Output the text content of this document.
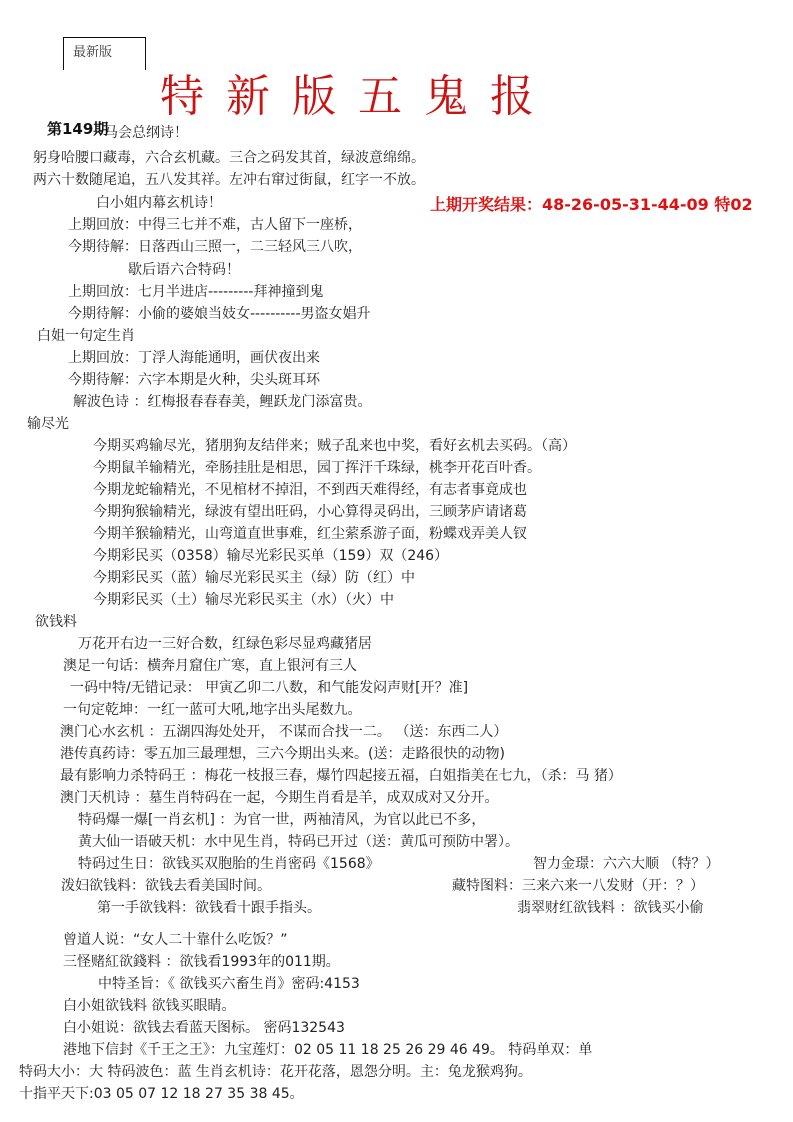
最新版
特新版五鬼报
第149期
上期开奖结果：48-26-05-31-44-09 特02
马会总纲诗！
躬身哈腰口藏毒，六合玄机藏。三合之码发其首，绿波意绵绵。
两六十数随尾追，五八发其祥。左冲右窜过街鼠，红字一不放。
白小姐内幕玄机诗！
上期回放：中得三七并不难，古人留下一座桥，
今期待解：日落西山三照一，二三轻风三八吹，
歇后语六合特码！
上期回放：七月半进店---------拜神撞到鬼
今期待解：小偷的婆娘当妓女----------男盗女娼升
白姐一句定生肖
上期回放：丁浮人海能通明，画伏夜出来
今期待解：六字本期是火种，尖头斑耳环
解波色诗 ：红梅报春春春美，鲤跃龙门添富贵。
输尽光
今期买鸡输尽光，猪朋狗友结伴来；贼子乱来也中奖，看好玄机去买码。（高）
今期鼠羊输精光，牵肠挂肚是相思，园丁挥汗千珠绿，桃李开花百叶香。
今期龙蛇输精光，不见棺材不掉泪，不到西天难得经，有志者事竟成也
今期狗猴输精光，绿波有望出旺码，小心算得灵码出，三顾茅庐请诸葛
今期羊猴输精光，山弯道直世事难，红尘萦系游子面，粉蝶戏弄美人钗
今期彩民买（0358）输尽光彩民买单（159）双（246）
今期彩民买（蓝）输尽光彩民买主（绿）防（红）中
今期彩民买（土）输尽光彩民买主（水）（火）中
欲钱料
万花开右边一三好合数，红绿色彩尽显鸡藏猪居
澳足一句话：横奔月窟住广寒，直上银河有三人
一码中特/无错记录： 甲寅乙卯二八数，和气能发闷声财[开？准]
一句定乾坤：一红一蓝可大吼,地字出头尾数九。
澳门心水玄机 ：五湖四海处处开， 不谋而合找一二。 （送：东西二人）
港传真药诗：零五加三最理想，三六今期出头来。(送：走路很快的动物)
最有影响力杀特码王 ：梅花一枝报三春，爆竹四起接五福，白姐指美在七九，（杀：马 猪）
澳门天机诗 ：墓生肖特码在一起，今期生肖看是羊，成双成对又分开。
特码爆一爆[一肖玄机] ：为官一世，两袖清风，为官以此已不多，
黄大仙一语破天机：水中见生肖，特码已开过（送：黄瓜可预防中署）。
特码过生日：欲钱买双胞胎的生肖密码《1568》	智力金璟：六六大顺 （特？）
泼妇欲钱料：欲钱去看美国时间。	藏特图料：三来六来一八发财（开：？）
第一手欲钱料：欲钱看十跟手指头。	翡翠财红欲钱料 ：欲钱买小偷
曾道人说：“女人二十靠什么吃饭？”
三怪赌紅欲錢料 ：欲钱看1993年的011期。
中特圣旨：《 欲钱买六畜生肖》密码:4153
白小姐欲钱料 欲钱买眼睛。
白小姐说：欲钱去看蓝天图标。 密码132543
港地下信封《千王之王》：九宝莲灯：02 05 11 18 25 26 29 46 49。 特码单双：单
特码大小：大 特码波色：蓝 生肖玄机诗：花开花落，恩怨分明。主：兔龙猴鸡狗。
十指平天下:03 05 07 12 18 27 35 38 45。
